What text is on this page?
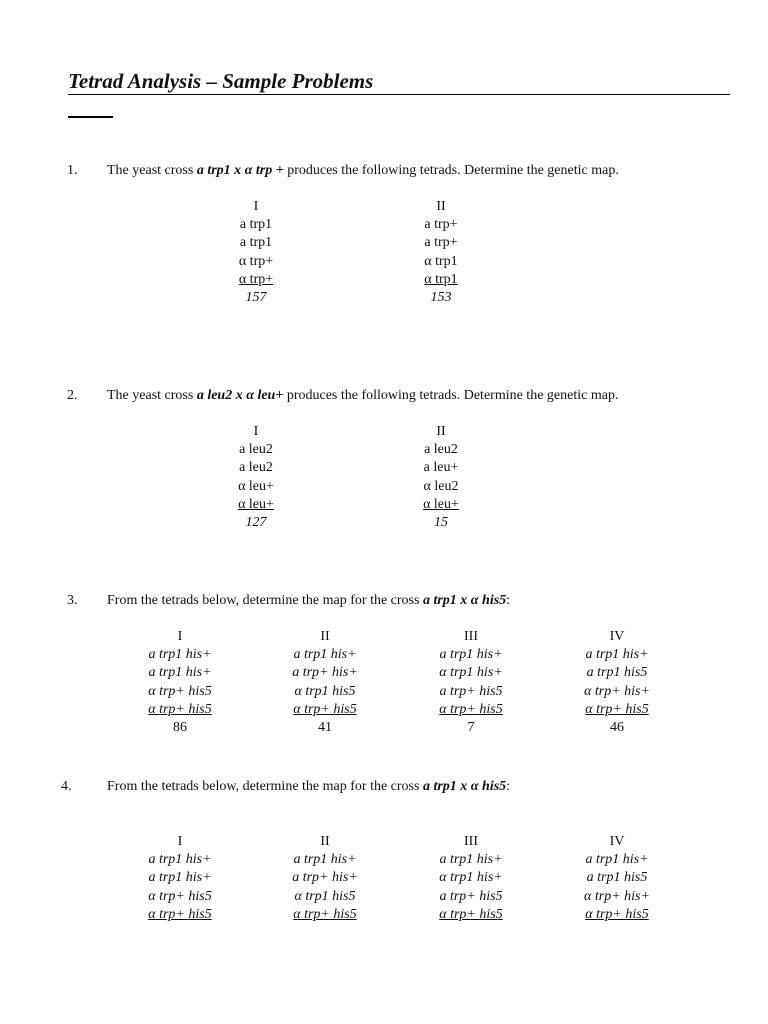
Tetrad Analysis – Sample Problems
1. The yeast cross a trp1 x α trp + produces the following tetrads. Determine the genetic map.
I
a trp1
a trp1
α trp+
α trp+
157
II
a trp+
a trp+
α trp1
α trp1
153
2. The yeast cross a leu2 x α leu+ produces the following tetrads. Determine the genetic map.
I
a leu2
a leu2
α leu+
α leu+
127
II
a leu2
a leu+
α leu2
α leu+
15
3. From the tetrads below, determine the map for the cross a trp1 x α his5:
I
a trp1 his+
a trp1 his+
α trp+ his5
α trp+ his5
86
II
a trp1 his+
a trp+ his+
α trp1 his5
α trp+ his5
41
III
a trp1 his+
α trp1 his+
a trp+ his5
α trp+ his5
7
IV
a trp1 his+
a trp1 his5
α trp+ his+
α trp+ his5
46
4.	From the tetrads below, determine the map for the cross a trp1 x α his5:
I
a trp1 his+
a trp1 his+
α trp+ his5
α trp+ his5
II
a trp1 his+
a trp+ his+
α trp1 his5
α trp+ his5
III
a trp1 his+
α trp1 his+
a trp+ his5
α trp+ his5
IV
a trp1 his+
a trp1 his5
α trp+ his+
α trp+ his5
